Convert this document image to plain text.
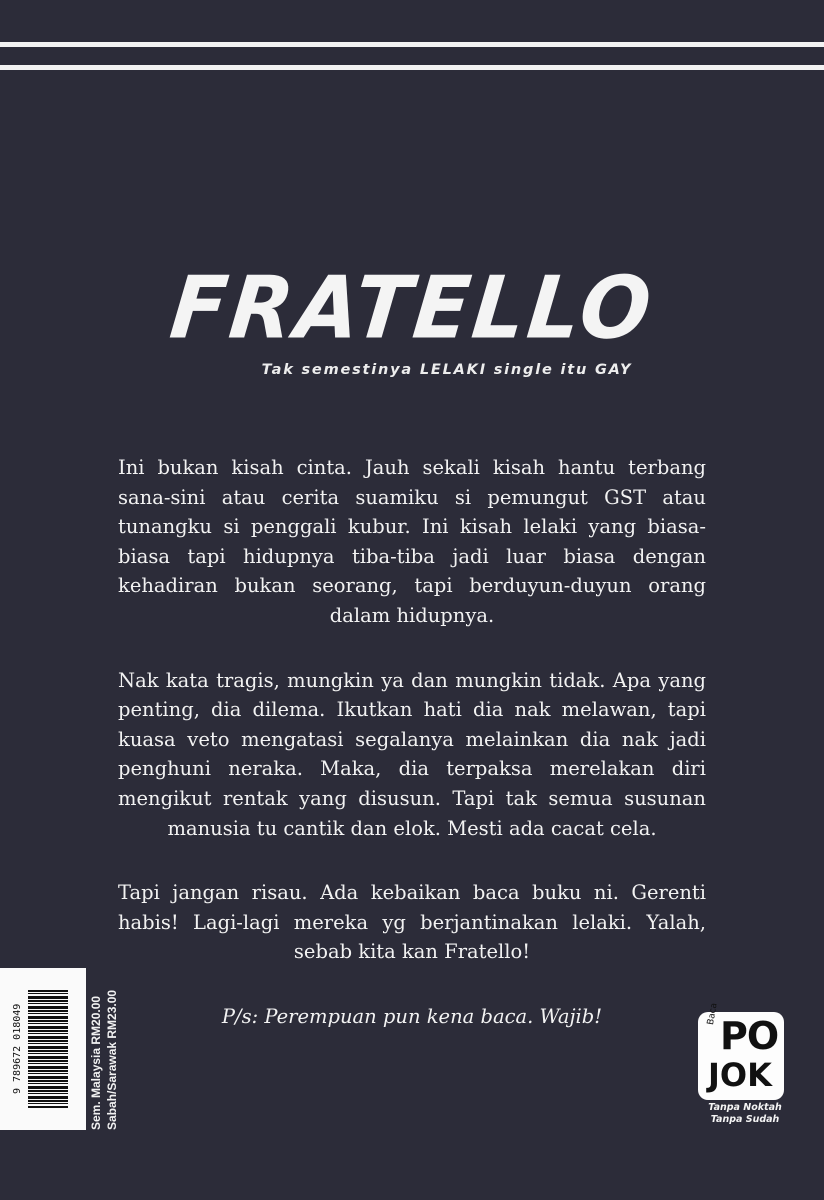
FRATELLO
Tak semestinya LELAKI single itu GAY

Ini bukan kisah cinta. Jauh sekali kisah hantu terbang sana-sini atau cerita suamiku si pemungut GST atau tunangku si penggali kubur. Ini kisah lelaki yang biasa-biasa tapi hidupnya tiba-tiba jadi luar biasa dengan kehadiran bukan seorang, tapi berduyun-duyun orang dalam hidupnya.

Nak kata tragis, mungkin ya dan mungkin tidak. Apa yang penting, dia dilema. Ikutkan hati dia nak melawan, tapi kuasa veto mengatasi segalanya melainkan dia nak jadi penghuni neraka. Maka, dia terpaksa merelakan diri mengikut rentak yang disusun. Tapi tak semua susunan manusia tu cantik dan elok. Mesti ada cacat cela.

Tapi jangan risau. Ada kebaikan baca buku ni. Gerenti habis! Lagi-lagi mereka yg berjantinakan lelaki. Yalah, sebab kita kan Fratello!

P/s: Perempuan pun kena baca. Wajib!

9 789672 018049	Sem. Malaysia RM20.00 Sabah/Sarawak RM23.00	Baca
PO
JOK
Tanpa Noktah
Tanpa Sudah
